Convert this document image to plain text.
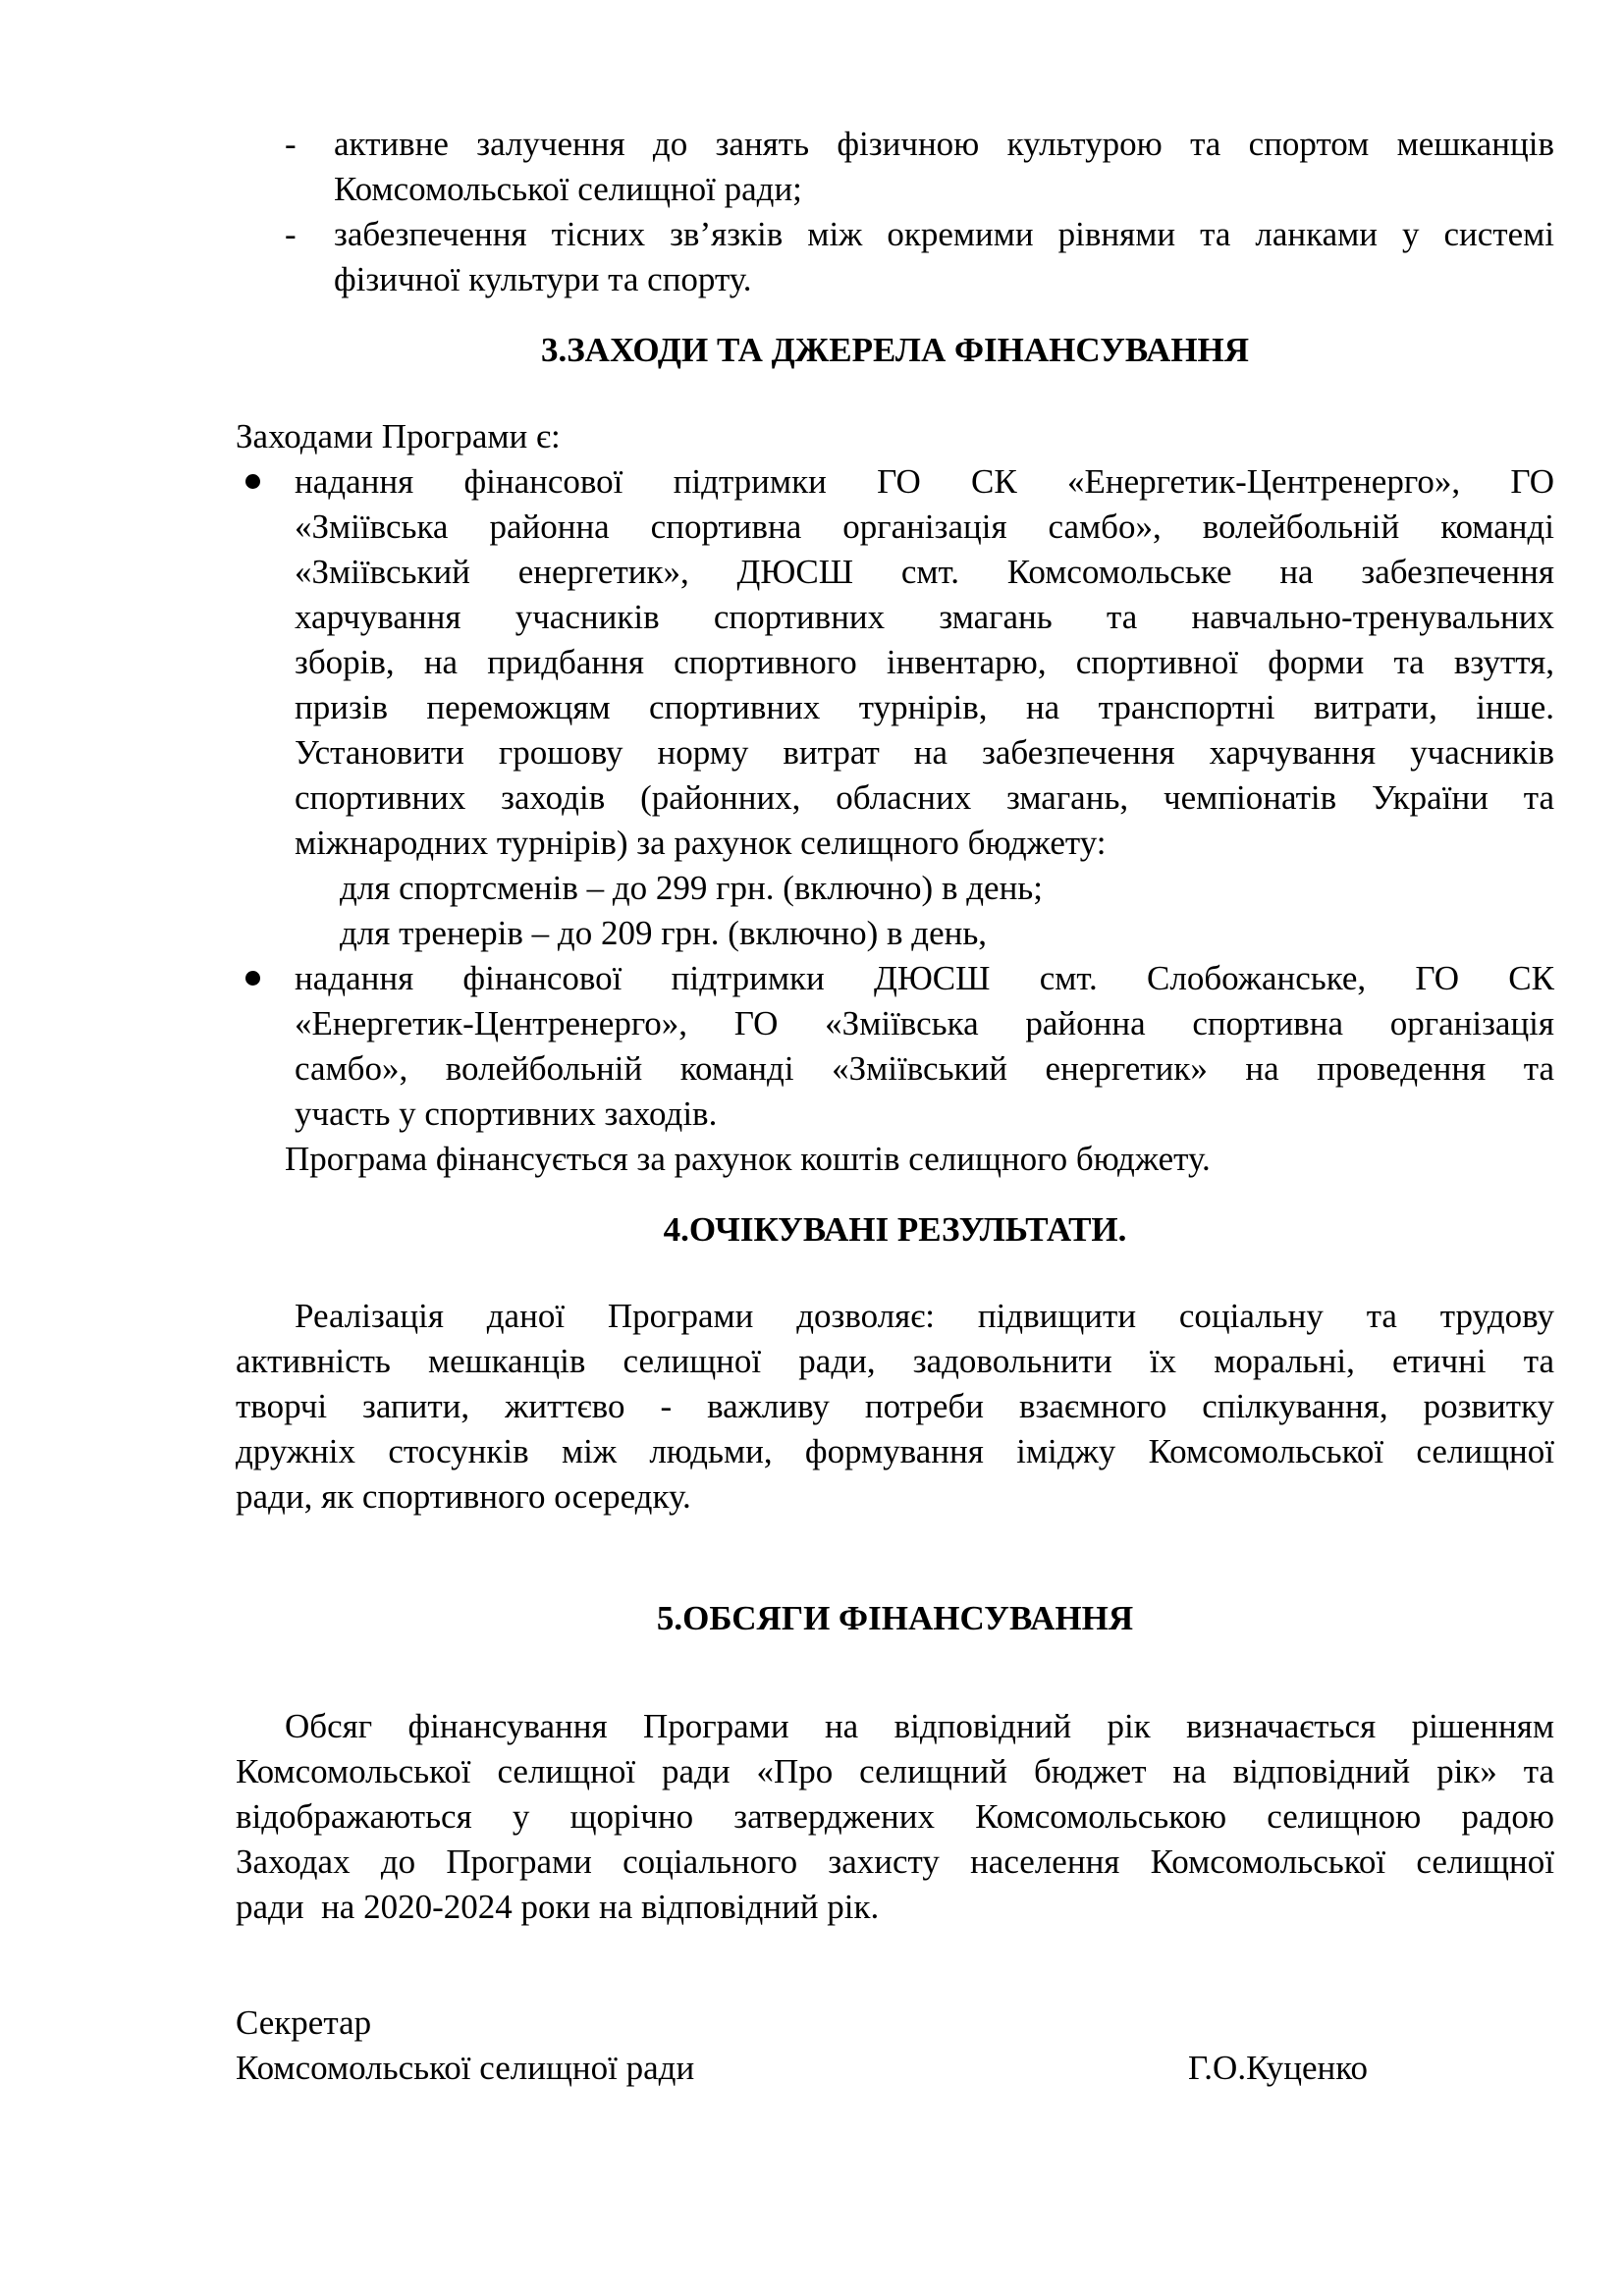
- активне залучення до занять фізичною культурою та спортом мешканців
Комсомольської селищної ради;
- забезпечення тісних зв’язків між окремими рівнями та ланками у системі
фізичної культури та спорту.
3.ЗАХОДИ ТА ДЖЕРЕЛА ФІНАНСУВАННЯ
Заходами Програми є:
надання фінансової підтримки ГО СК «Енергетик-Центренерго», ГО
«Зміївська районна спортивна організація самбо», волейбольній команді
«Зміївський енергетик», ДЮСШ смт. Комсомольське на забезпечення
харчування учасників спортивних змагань та навчально-тренувальних
зборів, на придбання спортивного інвентарю, спортивної форми та взуття,
призів переможцям спортивних турнірів, на транспортні витрати, інше.
Установити грошову норму витрат на забезпечення харчування учасників
спортивних заходів (районних, обласних змагань, чемпіонатів України та
міжнародних турнірів) за рахунок селищного бюджету:
для спортсменів – до 299 грн. (включно) в день;
для тренерів – до 209 грн. (включно) в день,
надання фінансової підтримки ДЮСШ смт. Слобожанське, ГО СК
«Енергетик-Центренерго», ГО «Зміївська районна спортивна організація
самбо», волейбольній команді «Зміївський енергетик» на проведення та
участь у спортивних заходів.
Програма фінансується за рахунок коштів селищного бюджету.
4.ОЧІКУВАНІ РЕЗУЛЬТАТИ.
Реалізація даної Програми дозволяє: підвищити соціальну та трудову
активність мешканців селищної ради, задовольнити їх моральні, етичні та
творчі запити, життєво - важливу потреби взаємного спілкування, розвитку
дружніх стосунків між людьми, формування іміджу Комсомольської селищної
ради, як спортивного осередку.
5.ОБСЯГИ ФІНАНСУВАННЯ
Обсяг фінансування Програми на відповідний рік визначається рішенням
Комсомольської селищної ради «Про селищний бюджет на відповідний рік» та
відображаються у щорічно затверджених Комсомольською селищною радою
Заходах до Програми соціального захисту населення Комсомольської селищної
ради  на 2020-2024 роки на відповідний рік.
Секретар
Комсомольської селищної ради	Г.О.Куценко
